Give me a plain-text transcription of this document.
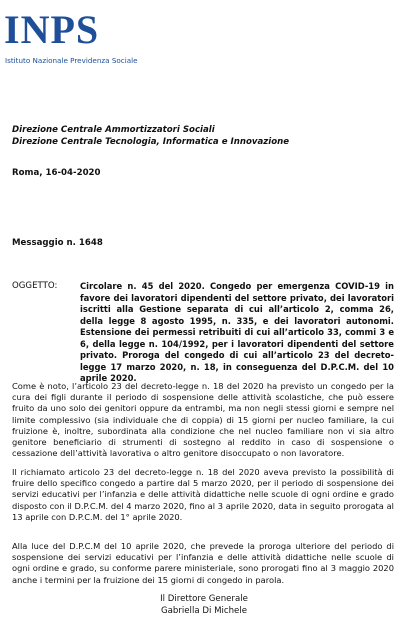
INPS
Istituto Nazionale Previdenza Sociale
Direzione Centrale Ammortizzatori Sociali
Direzione Centrale Tecnologia, Informatica e Innovazione
Roma, 16-04-2020
Messaggio n. 1648
OGGETTO:	Circolare n. 45 del 2020. Congedo per emergenza COVID-19 in favore dei lavoratori dipendenti del settore privato, dei lavoratori iscritti alla Gestione separata di cui all’articolo 2, comma 26, della legge 8 agosto 1995, n. 335, e dei lavoratori autonomi. Estensione dei permessi retribuiti di cui all’articolo 33, commi 3 e 6, della legge n. 104/1992, per i lavoratori dipendenti del settore privato. Proroga del congedo di cui all’articolo 23 del decreto-legge 17 marzo 2020, n. 18, in conseguenza del D.P.C.M. del 10 aprile 2020.
Come è noto, l’articolo 23 del decreto-legge n. 18 del 2020 ha previsto un congedo per la cura dei figli durante il periodo di sospensione delle attività scolastiche, che può essere fruito da uno solo dei genitori oppure da entrambi, ma non negli stessi giorni e sempre nel limite complessivo (sia individuale che di coppia) di 15 giorni per nucleo familiare, la cui fruizione è, inoltre, subordinata alla condizione che nel nucleo familiare non vi sia altro genitore beneficiario di strumenti di sostegno al reddito in caso di sospensione o cessazione dell’attività lavorativa o altro genitore disoccupato o non lavoratore.
Il richiamato articolo 23 del decreto-legge n. 18 del 2020 aveva previsto la possibilità di fruire dello specifico congedo a partire dal 5 marzo 2020, per il periodo di sospensione dei servizi educativi per l’infanzia e delle attività didattiche nelle scuole di ogni ordine e grado disposto con il D.P.C.M. del 4 marzo 2020, fino al 3 aprile 2020, data in seguito prorogata al 13 aprile con D.P.C.M. del 1° aprile 2020.
Alla luce del D.P.C.M del 10 aprile 2020, che prevede la proroga ulteriore del periodo di sospensione dei servizi educativi per l’infanzia e delle attività didattiche nelle scuole di ogni ordine e grado, su conforme parere ministeriale, sono prorogati fino al 3 maggio 2020 anche i termini per la fruizione dei 15 giorni di congedo in parola.
Il Direttore Generale
Gabriella Di Michele
